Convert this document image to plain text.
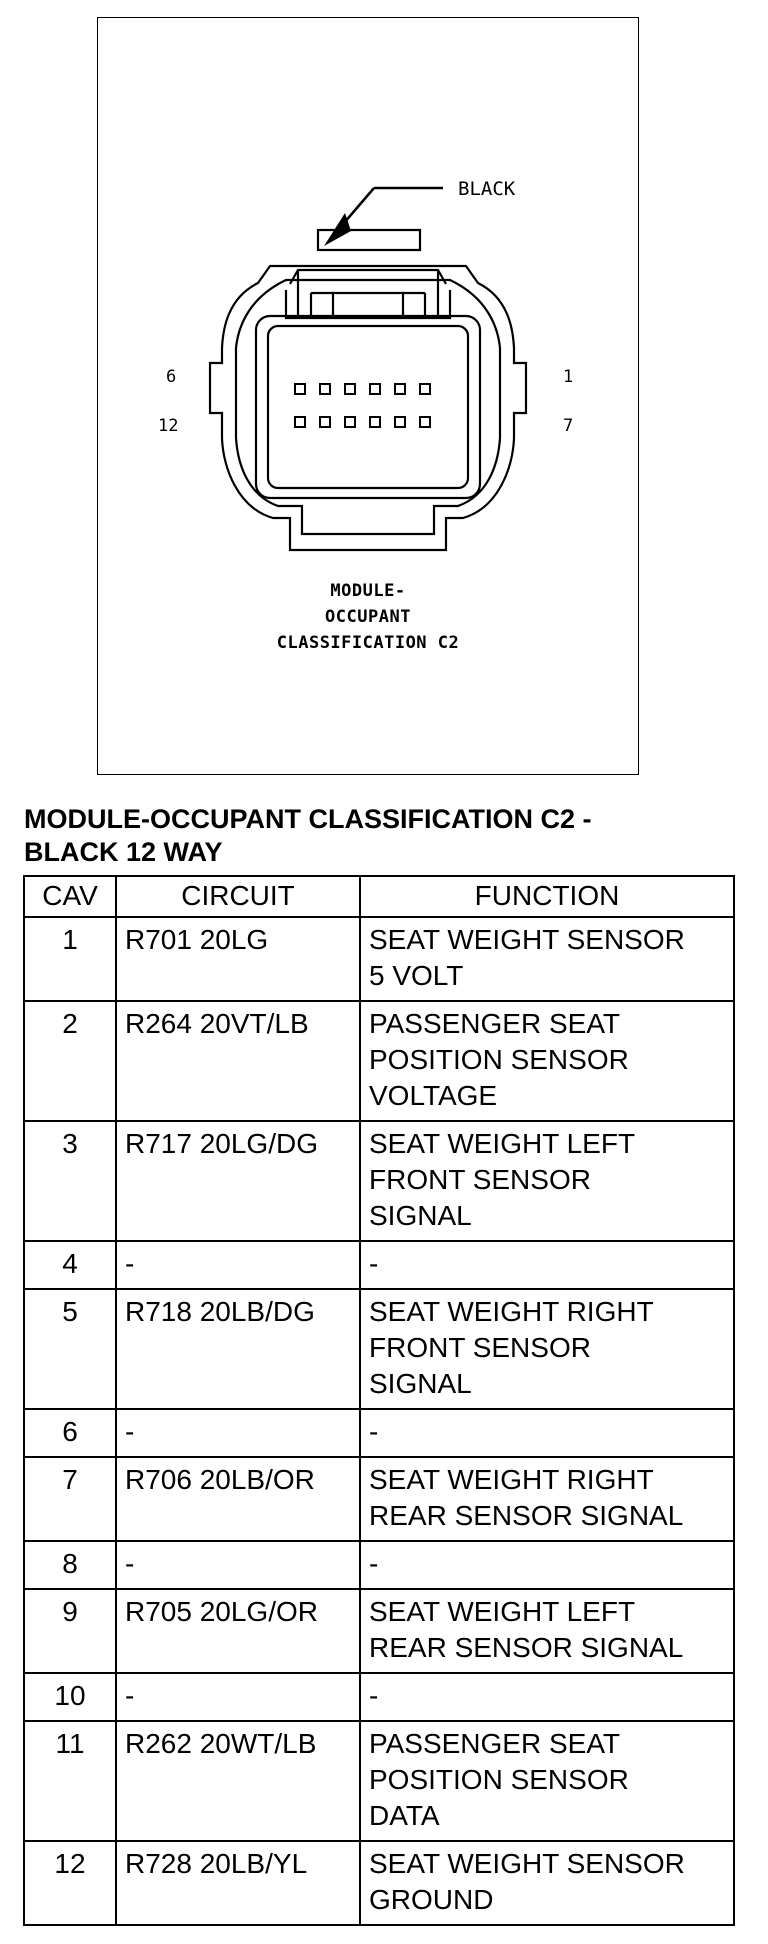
BLACK
6
12
1
7
MODULE-
OCCUPANT
CLASSIFICATION C2
MODULE-OCCUPANT CLASSIFICATION C2 -
BLACK 12 WAY
CAV	CIRCUIT	FUNCTION
1	R701 20LG	SEAT WEIGHT SENSOR
5 VOLT

2	R264 20VT/LB	PASSENGER SEAT
POSITION SENSOR
VOLTAGE

3	R717 20LG/DG	SEAT WEIGHT LEFT
FRONT SENSOR
SIGNAL

4	-	-

5	R718 20LB/DG	SEAT WEIGHT RIGHT
FRONT SENSOR
SIGNAL

6	-	-

7	R706 20LB/OR	SEAT WEIGHT RIGHT
REAR SENSOR SIGNAL

8	-	-

9	R705 20LG/OR	SEAT WEIGHT LEFT
REAR SENSOR SIGNAL

10	-	-

11	R262 20WT/LB	PASSENGER SEAT
POSITION SENSOR
DATA

12	R728 20LB/YL	SEAT WEIGHT SENSOR
GROUND
